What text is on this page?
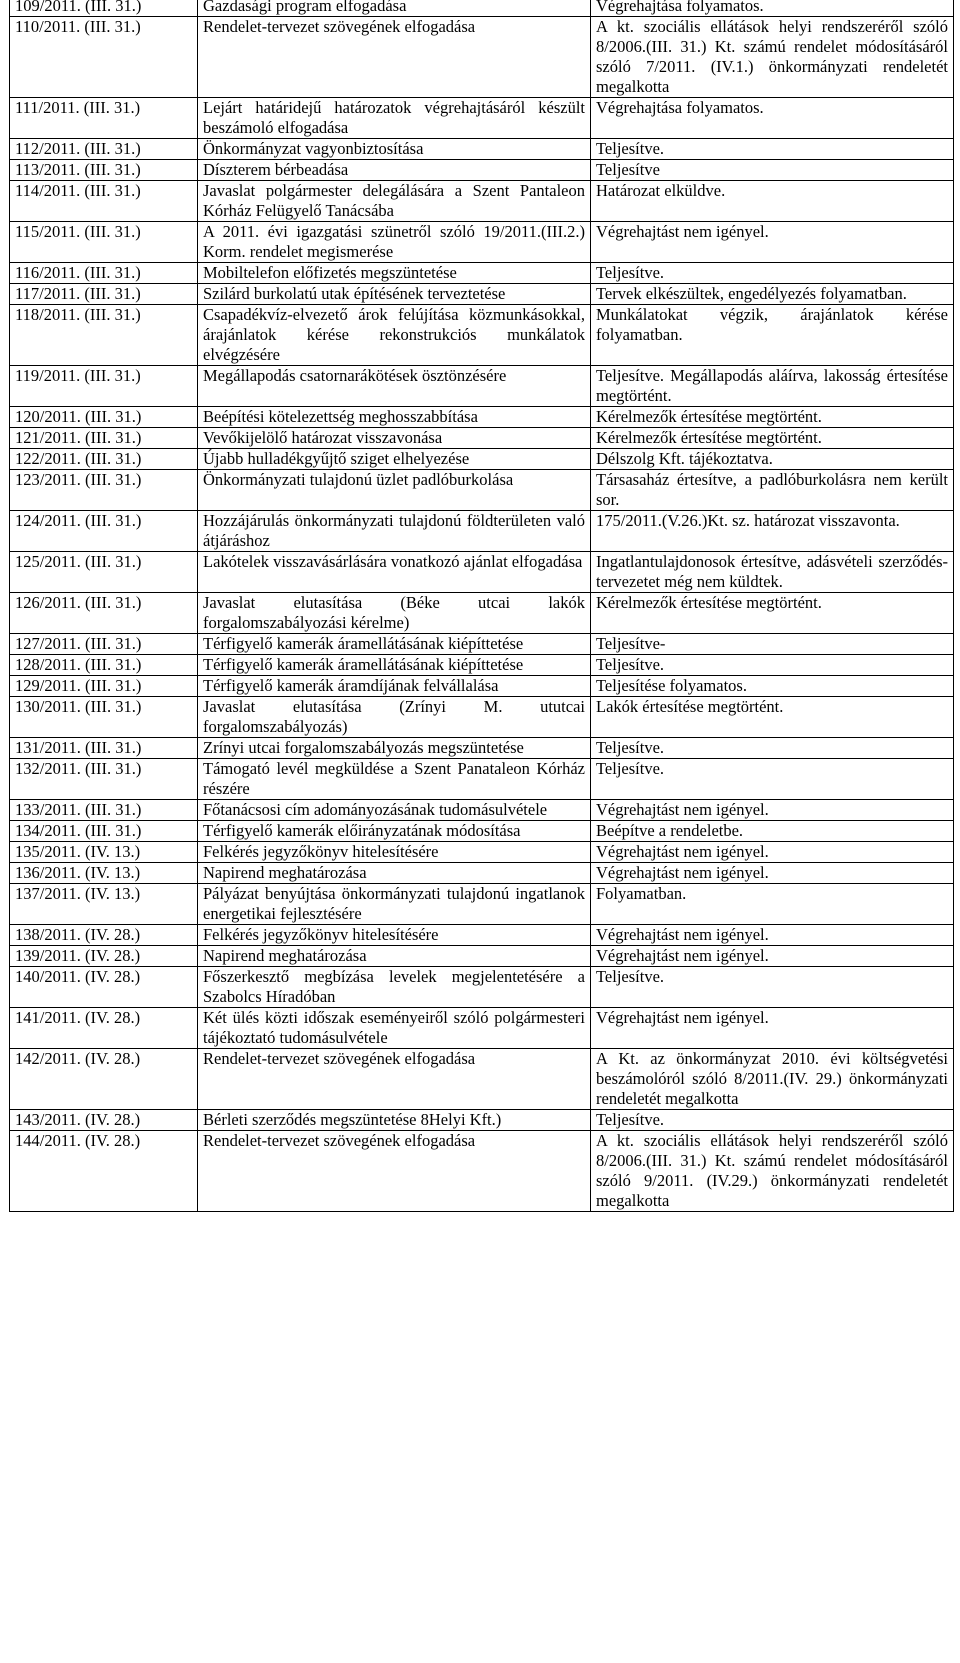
109/2011. (III. 31.)	Gazdasági program elfogadása	Végrehajtása folyamatos.
110/2011. (III. 31.)	Rendelet-tervezet szövegének elfogadása	A kt. szociális ellátások helyi rendszeréről szóló 8/2006.(III. 31.) Kt. számú rendelet módosításáról szóló 7/2011. (IV.1.) önkormányzati rendeletét megalkotta
111/2011. (III. 31.)	Lejárt határidejű határozatok végrehajtásáról készült beszámoló elfogadása	Végrehajtása folyamatos.
112/2011. (III. 31.)	Önkormányzat vagyonbiztosítása	Teljesítve.
113/2011. (III. 31.)	Díszterem bérbeadása	Teljesítve
114/2011. (III. 31.)	Javaslat polgármester delegálására a Szent Pantaleon Kórház Felügyelő Tanácsába	Határozat elküldve.
115/2011. (III. 31.)	A 2011. évi igazgatási szünetről szóló 19/2011.(III.2.) Korm. rendelet megismerése	Végrehajtást nem igényel.
116/2011. (III. 31.)	Mobiltelefon előfizetés megszüntetése	Teljesítve.
117/2011. (III. 31.)	Szilárd burkolatú utak építésének terveztetése	Tervek elkészültek, engedélyezés folyamatban.
118/2011. (III. 31.)	Csapadékvíz-elvezető árok felújítása közmunkásokkal, árajánlatok kérése rekonstrukciós munkálatok elvégzésére	Munkálatokat végzik, árajánlatok kérése folyamatban.
119/2011. (III. 31.)	Megállapodás csatornarákötések ösztönzésére	Teljesítve. Megállapodás aláírva, lakosság értesítése megtörtént.
120/2011. (III. 31.)	Beépítési kötelezettség meghosszabbítása	Kérelmezők értesítése megtörtént.
121/2011. (III. 31.)	Vevőkijelölő határozat visszavonása	Kérelmezők értesítése megtörtént.
122/2011. (III. 31.)	Újabb hulladékgyűjtő sziget elhelyezése	Délszolg Kft. tájékoztatva.
123/2011. (III. 31.)	Önkormányzati tulajdonú üzlet padlóburkolása	Társasaház értesítve, a padlóburkolásra nem került sor.
124/2011. (III. 31.)	Hozzájárulás önkormányzati tulajdonú földterületen való átjáráshoz	175/2011.(V.26.)Kt. sz. határozat visszavonta.
125/2011. (III. 31.)	Lakótelek visszavásárlására vonatkozó ajánlat elfogadása	Ingatlantulajdonosok értesítve, adásvételi szerződés-tervezetet még nem küldtek.
126/2011. (III. 31.)	Javaslat elutasítása (Béke utcai lakók forgalomszabályozási kérelme)	Kérelmezők értesítése megtörtént.
127/2011. (III. 31.)	Térfigyelő kamerák áramellátásának kiépíttetése	Teljesítve-
128/2011. (III. 31.)	Térfigyelő kamerák áramellátásának kiépíttetése	Teljesítve.
129/2011. (III. 31.)	Térfigyelő kamerák áramdíjának felvállalása	Teljesítése folyamatos.
130/2011. (III. 31.)	Javaslat elutasítása (Zrínyi M. ututcai forgalomszabályozás)	Lakók értesítése megtörtént.
131/2011. (III. 31.)	Zrínyi utcai forgalomszabályozás megszüntetése	Teljesítve.
132/2011. (III. 31.)	Támogató levél megküldése a Szent Panataleon Kórház részére	Teljesítve.
133/2011. (III. 31.)	Főtanácsosi cím adományozásának tudomásulvétele	Végrehajtást nem igényel.
134/2011. (III. 31.)	Térfigyelő kamerák előirányzatának módosítása	Beépítve a rendeletbe.
135/2011. (IV. 13.)	Felkérés jegyzőkönyv hitelesítésére	Végrehajtást nem igényel.
136/2011. (IV. 13.)	Napirend meghatározása	Végrehajtást nem igényel.
137/2011. (IV. 13.)	Pályázat benyújtása önkormányzati tulajdonú ingatlanok energetikai fejlesztésére	Folyamatban.
138/2011. (IV. 28.)	Felkérés jegyzőkönyv hitelesítésére	Végrehajtást nem igényel.
139/2011. (IV. 28.)	Napirend meghatározása	Végrehajtást nem igényel.
140/2011. (IV. 28.)	Főszerkesztő megbízása levelek megjelentetésére a Szabolcs Híradóban	Teljesítve.
141/2011. (IV. 28.)	Két ülés közti időszak eseményeiről szóló polgármesteri tájékoztató tudomásulvétele	Végrehajtást nem igényel.
142/2011. (IV. 28.)	Rendelet-tervezet szövegének elfogadása	A Kt. az önkormányzat 2010. évi költségvetési beszámolóról szóló 8/2011.(IV. 29.) önkormányzati rendeletét megalkotta
143/2011. (IV. 28.)	Bérleti szerződés megszüntetése 8Helyi Kft.)	Teljesítve.
144/2011. (IV. 28.)	Rendelet-tervezet szövegének elfogadása	A kt. szociális ellátások helyi rendszeréről szóló 8/2006.(III. 31.) Kt. számú rendelet módosításáról szóló 9/2011. (IV.29.) önkormányzati rendeletét megalkotta
